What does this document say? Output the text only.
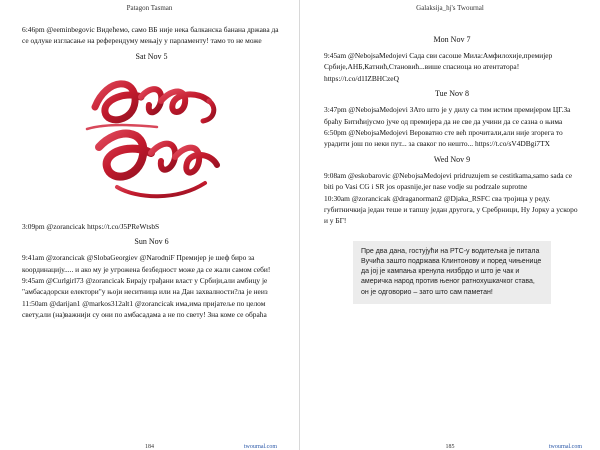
Patagon Tasman
6:46pm @eeminbegovic Видећемо, само ВБ није нека балканска банана држава да се одлуке изгласање на референдуму мењају у парламенту! тамо то не може
Sat Nov 5
3:09pm @zorancicak https://t.co/J5PReWtsbS
Sun Nov 6
9:41am @zorancicak @SlobaGeorgiev @NarodniF Премијер је шеф биро за координацију..... и ако му је угрожена безбедност може да се жали самом себи!
9:45am @Curlgirl73 @zorancicak Бирају грађани власт у Србији,али амбицу је "амбасадорски електори"у њоји неситница или на Дан захвалности?ла је неиз
11:50am @darijan1 @markos312alt1 @zorancicak има,има пријатеље по целом свету,али (на)важнији су они по амбасадама а не по свету! Зна коме се обраћа
184	twournal.com
Galaksija_hj's Twournal
Mon Nov 7
9:45am @NebojsaMedojevi Сада сви сасоше Мила:Амфилохије,премијер Србије,АНБ,Катнић,Становић...више спасиоца но атентатора! https://t.co/d1IZBHCzeQ
Tue Nov 8
3:47pm @NebojsaMedojevi ЗАто што је у дилу са тим истим премијером ЦГ.За браћу Битићијусмо јуче од премијера да не све да учини да се сазна о њима
6:50pm @NebojsaMedojevi Вероватно сте већ прочитали,али није згорега то урадити још по неки пут... за сваког по нешто... https://t.co/sV4DBgi7TX
Wed Nov 9
9:08am @eskobarovic @NebojsaMedojevi pridruzujem se cestitkama,samo sada ce biti po Vasi CG i SR jos opasnije,jer nase vodje su podrzale suprotne
10:30am @zorancicak @draganorman2 @Djaka_RSFC сва тројица у реду. губитничкија један теше и тапшу један другога, у Сребрници, Ну Јорку а ускоро и у БГ!
Пре два дана, гостујући на РТС-у водитељка је питала Вучића зашто подржава Клинтонову и поред чињенице да јој је кампања кренула низбрдо и што је чак и америчка народ против њеног ратнохушкачког става, он је одговорио – зато што сам паметан!
185	twournal.com
